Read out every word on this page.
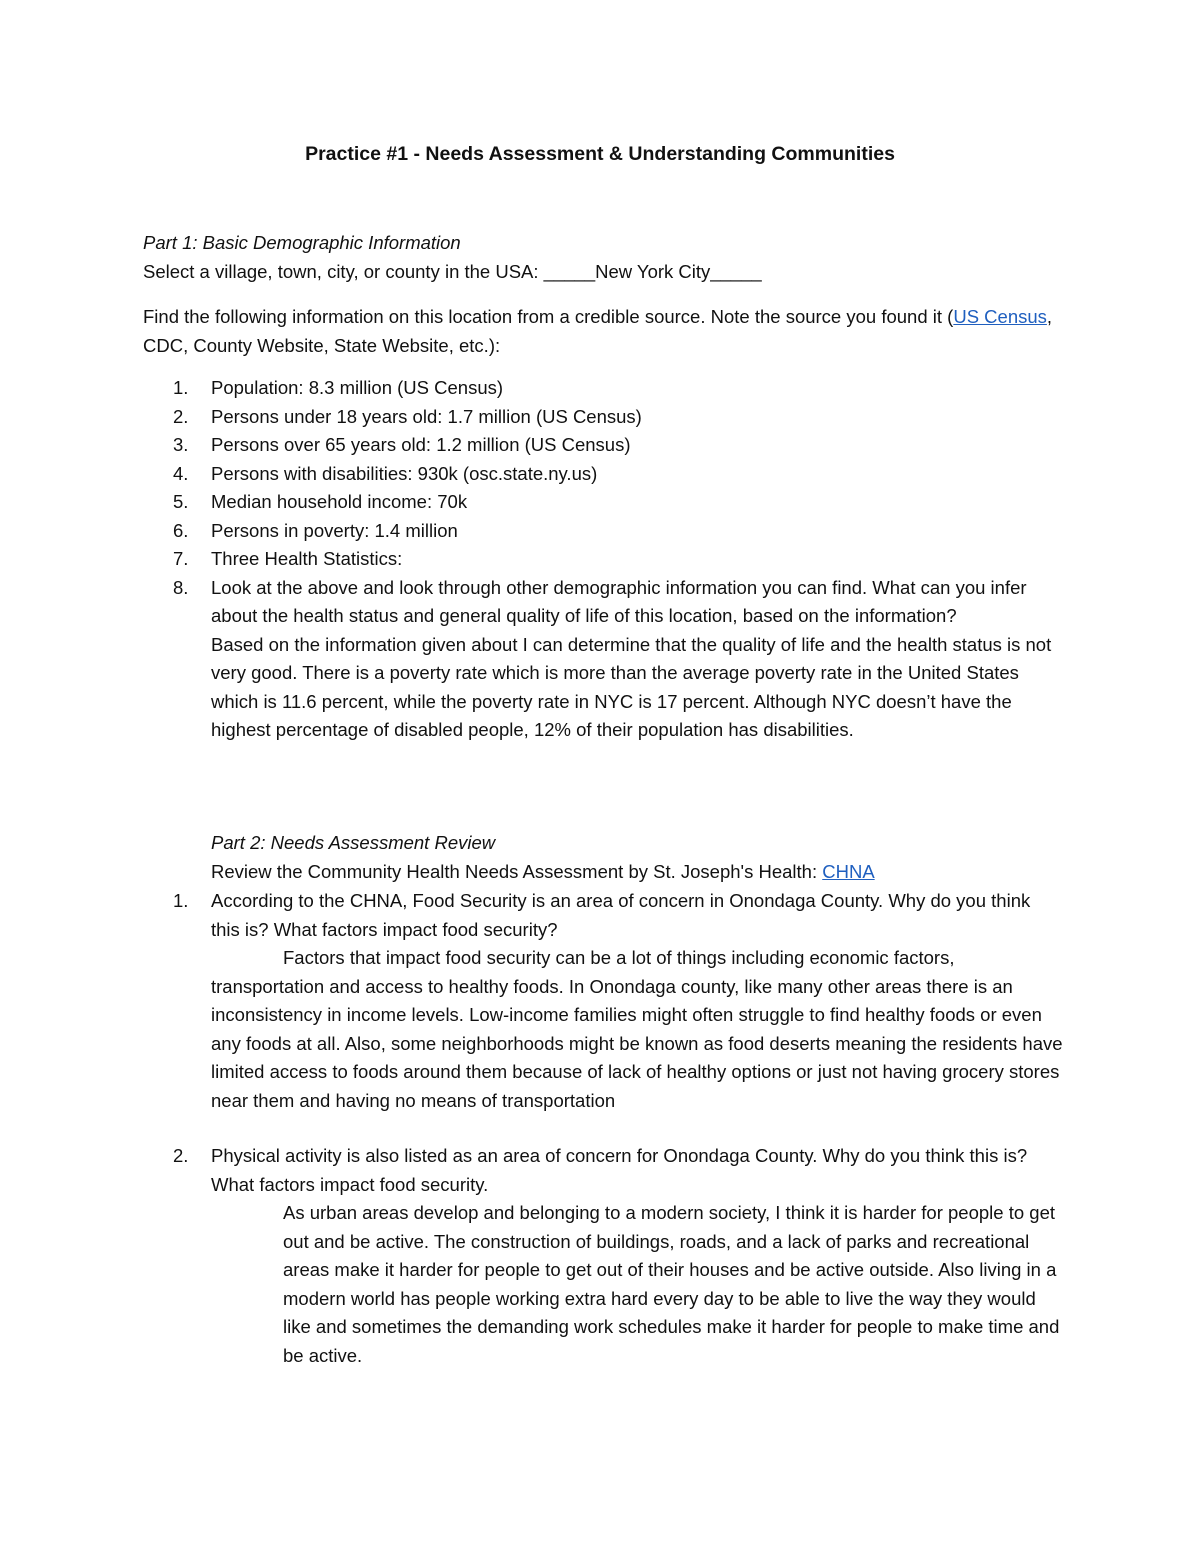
Practice #1 - Needs Assessment & Understanding Communities
Part 1: Basic Demographic Information
Select a village, town, city, or county in the USA: _____New York City_____
Find the following information on this location from a credible source. Note the source you found it (US Census, CDC, County Website, State Website, etc.):
1. Population: 8.3 million (US Census)
2. Persons under 18 years old: 1.7 million (US Census)
3. Persons over 65 years old: 1.2 million (US Census)
4. Persons with disabilities: 930k (osc.state.ny.us)
5. Median household income: 70k
6. Persons in poverty: 1.4 million
7. Three Health Statistics:
8. Look at the above and look through other demographic information you can find. What can you infer about the health status and general quality of life of this location, based on the information?

Based on the information given about I can determine that the quality of life and the health status is not very good. There is a poverty rate which is more than the average poverty rate in the United States which is 11.6 percent, while the poverty rate in NYC is 17 percent. Although NYC doesn’t have the highest percentage of disabled people, 12% of their population has disabilities.

Part 2: Needs Assessment Review
Review the Community Health Needs Assessment by St. Joseph's Health: CHNA
1. According to the CHNA, Food Security is an area of concern in Onondaga County. Why do you think this is? What factors impact food security?

Factors that impact food security can be a lot of things including economic factors, transportation and access to healthy foods. In Onondaga county, like many other areas there is an inconsistency in income levels. Low-income families might often struggle to find healthy foods or even any foods at all. Also, some neighborhoods might be known as food deserts meaning the residents have limited access to foods around them because of lack of healthy options or just not having grocery stores near them and having no means of transportation

2. Physical activity is also listed as an area of concern for Onondaga County. Why do you think this is? What factors impact food security.

As urban areas develop and belonging to a modern society, I think it is harder for people to get out and be active. The construction of buildings, roads, and a lack of parks and recreational areas make it harder for people to get out of their houses and be active outside. Also living in a modern world has people working extra hard every day to be able to live the way they would like and sometimes the demanding work schedules make it harder for people to make time and be active.
